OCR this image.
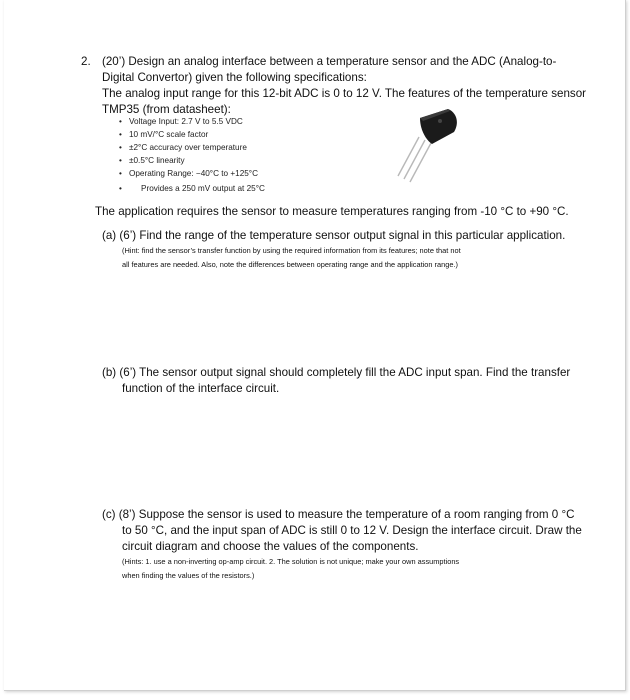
2. (20’) Design an analog interface between a temperature sensor and the ADC (Analog-to-
Digital Convertor) given the following specifications:
The analog input range for this 12-bit ADC is 0 to 12 V. The features of the temperature sensor
TMP35 (from datasheet):
• Voltage Input: 2.7 V to 5.5 VDC
• 10 mV/°C scale factor
• ±2°C accuracy over temperature
• ±0.5°C linearity
• Operating Range: −40°C to +125°C
• Provides a 250 mV output at 25°C
The application requires the sensor to measure temperatures ranging from -10 °C to +90 °C.
(a) (6’) Find the range of the temperature sensor output signal in this particular application.
(Hint: find the sensor’s transfer function by using the required information from its features; note that not
all features are needed. Also, note the differences between operating range and the application range.)
(b) (6’) The sensor output signal should completely fill the ADC input span. Find the transfer
function of the interface circuit.
(c) (8’) Suppose the sensor is used to measure the temperature of a room ranging from 0 °C
to 50 °C, and the input span of ADC is still 0 to 12 V. Design the interface circuit. Draw the
circuit diagram and choose the values of the components.
(Hints: 1. use a non-inverting op-amp circuit. 2. The solution is not unique; make your own assumptions
when finding the values of the resistors.)
